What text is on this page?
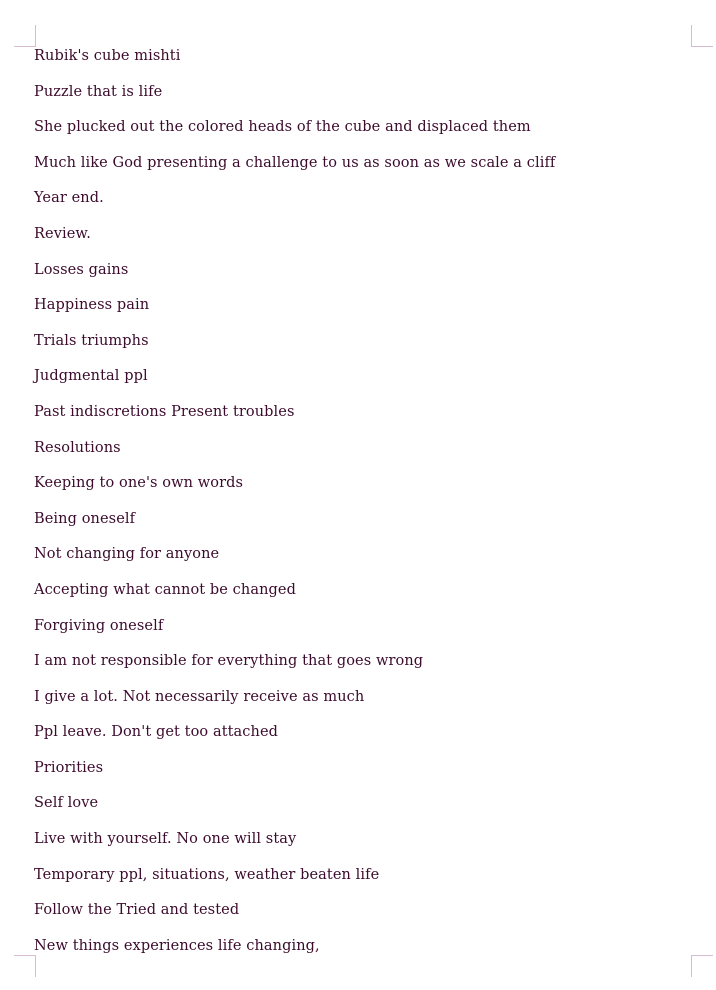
Rubik's cube mishti
Puzzle that is life
She plucked out the colored heads of the cube and displaced them
Much like God presenting a challenge to us as soon as we scale a cliff
Year end.
Review.
Losses gains
Happiness pain
Trials triumphs
Judgmental ppl
Past indiscretions Present troubles
Resolutions
Keeping to one's own words
Being oneself
Not changing for anyone
Accepting what cannot be changed
Forgiving oneself
I am not responsible for everything that goes wrong
I give a lot. Not necessarily receive as much
Ppl leave. Don't get too attached
Priorities
Self love
Live with yourself. No one will stay
Temporary ppl, situations, weather beaten life
Follow the Tried and tested
New things experiences life changing,
